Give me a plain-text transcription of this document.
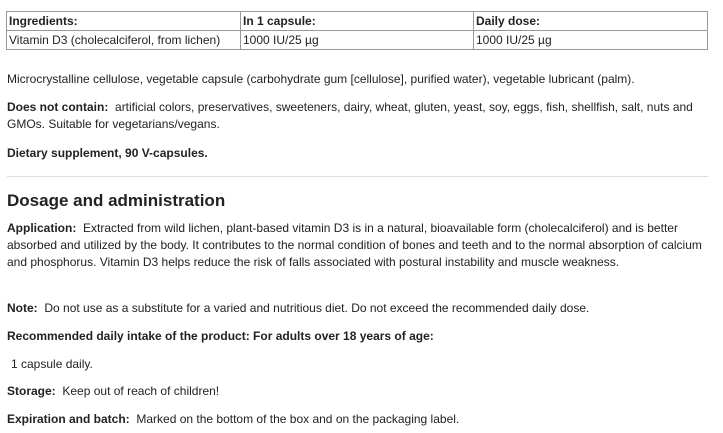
Ingredients:	In 1 capsule:	Daily dose:
Vitamin D3 (cholecalciferol, from lichen)	1000 IU/25 µg	1000 IU/25 µg

Microcrystalline cellulose, vegetable capsule (carbohydrate gum [cellulose], purified water), vegetable lubricant (palm).

Does not contain: artificial colors, preservatives, sweeteners, dairy, wheat, gluten, yeast, soy, eggs, fish, shellfish, salt, nuts and GMOs. Suitable for vegetarians/vegans.

Dietary supplement, 90 V-capsules.

Dosage and administration

Application: Extracted from wild lichen, plant-based vitamin D3 is in a natural, bioavailable form (cholecalciferol) and is better absorbed and utilized by the body. It contributes to the normal condition of bones and teeth and to the normal absorption of calcium and phosphorus. Vitamin D3 helps reduce the risk of falls associated with postural instability and muscle weakness.

Note: Do not use as a substitute for a varied and nutritious diet. Do not exceed the recommended daily dose.

Recommended daily intake of the product: For adults over 18 years of age:

1 capsule daily.

Storage: Keep out of reach of children!

Expiration and batch: Marked on the bottom of the box and on the packaging label.
